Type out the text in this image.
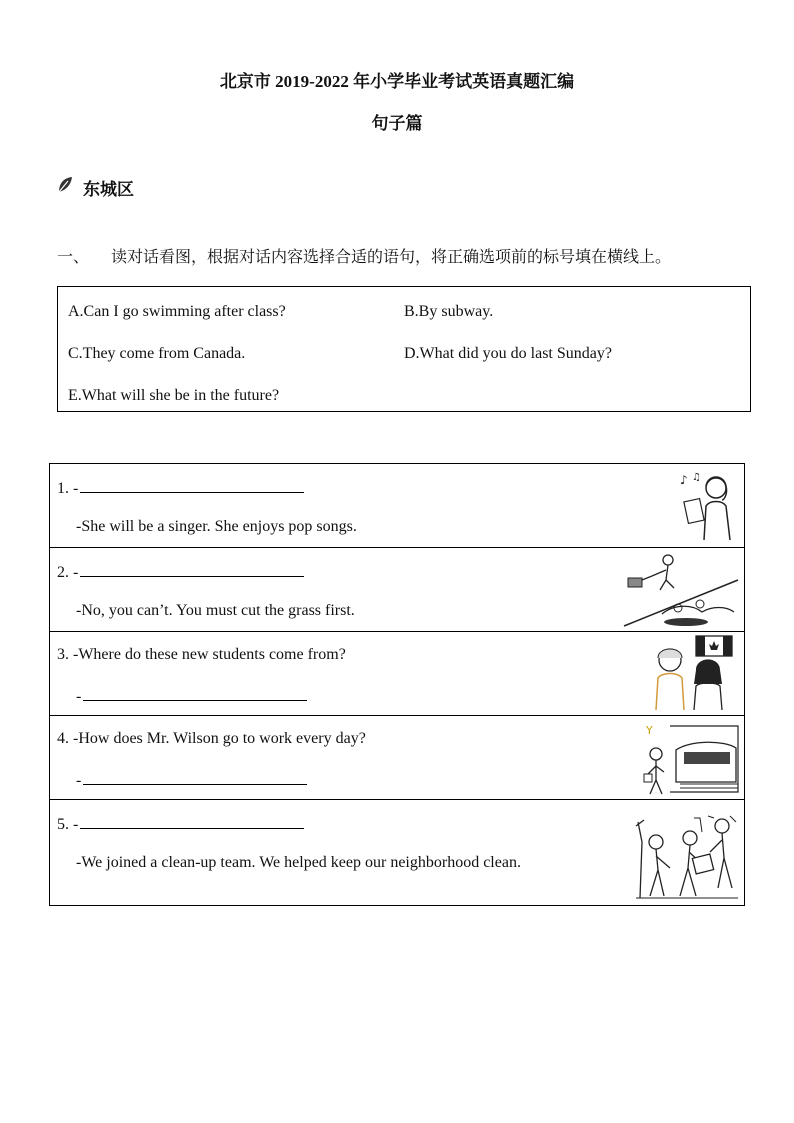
北京市 2019-2022 年小学毕业考试英语真题汇编
句子篇
东城区
一、 读对话看图，根据对话内容选择合适的语句，将正确选项前的标号填在横线上。
A.Can I go swimming after class?	B.By subway.
C.They come from Canada.	D.What did you do last Sunday?
E.What will she be in the future?
1. -
-She will be a singer. She enjoys pop songs.
♪ ♫
2. -
-No, you can’t. You must cut the grass first.
3. -Where do these new students come from?
-
4. -How does Mr. Wilson go to work every day?
-
Y
5. -
-We joined a clean-up team. We helped keep our neighborhood clean.
